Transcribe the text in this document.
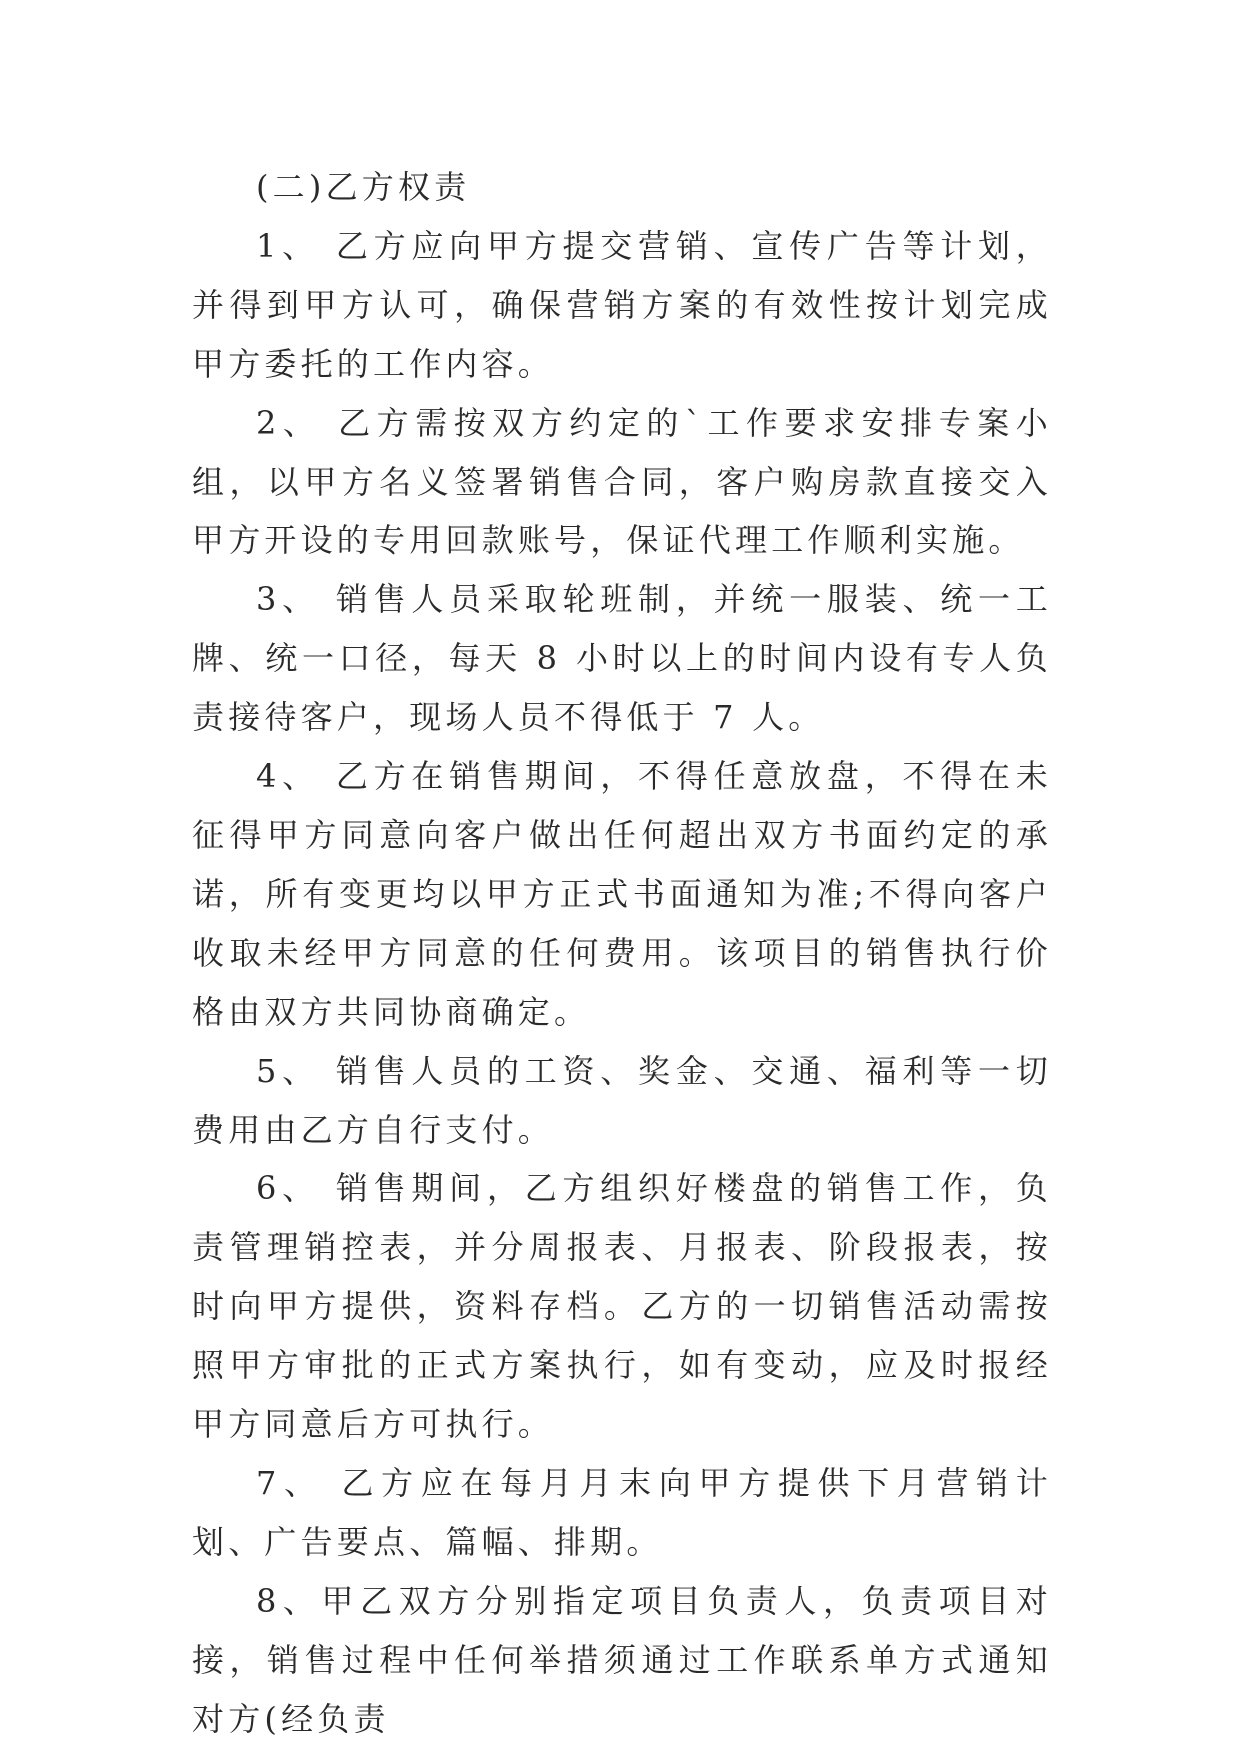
(二)乙方权责

1、 乙方应向甲方提交营销、宣传广告等计划，并得到甲方认可，确保营销方案的有效性按计划完成甲方委托的工作内容。

2、 乙方需按双方约定的`工作要求安排专案小组，以甲方名义签署销售合同，客户购房款直接交入甲方开设的专用回款账号，保证代理工作顺利实施。

3、 销售人员采取轮班制，并统一服装、统一工牌、统一口径，每天 8 小时以上的时间内设有专人负责接待客户，现场人员不得低于 7 人。

4、 乙方在销售期间，不得任意放盘，不得在未征得甲方同意向客户做出任何超出双方书面约定的承诺，所有变更均以甲方正式书面通知为准;不得向客户收取未经甲方同意的任何费用。该项目的销售执行价格由双方共同协商确定。

5、 销售人员的工资、奖金、交通、福利等一切费用由乙方自行支付。

6、 销售期间，乙方组织好楼盘的销售工作，负责管理销控表，并分周报表、月报表、阶段报表，按时向甲方提供，资料存档。乙方的一切销售活动需按照甲方审批的正式方案执行，如有变动，应及时报经甲方同意后方可执行。

7、 乙方应在每月月末向甲方提供下月营销计划、广告要点、篇幅、排期。

8、甲乙双方分别指定项目负责人，负责项目对接，销售过程中任何举措须通过工作联系单方式通知对方(经负责
